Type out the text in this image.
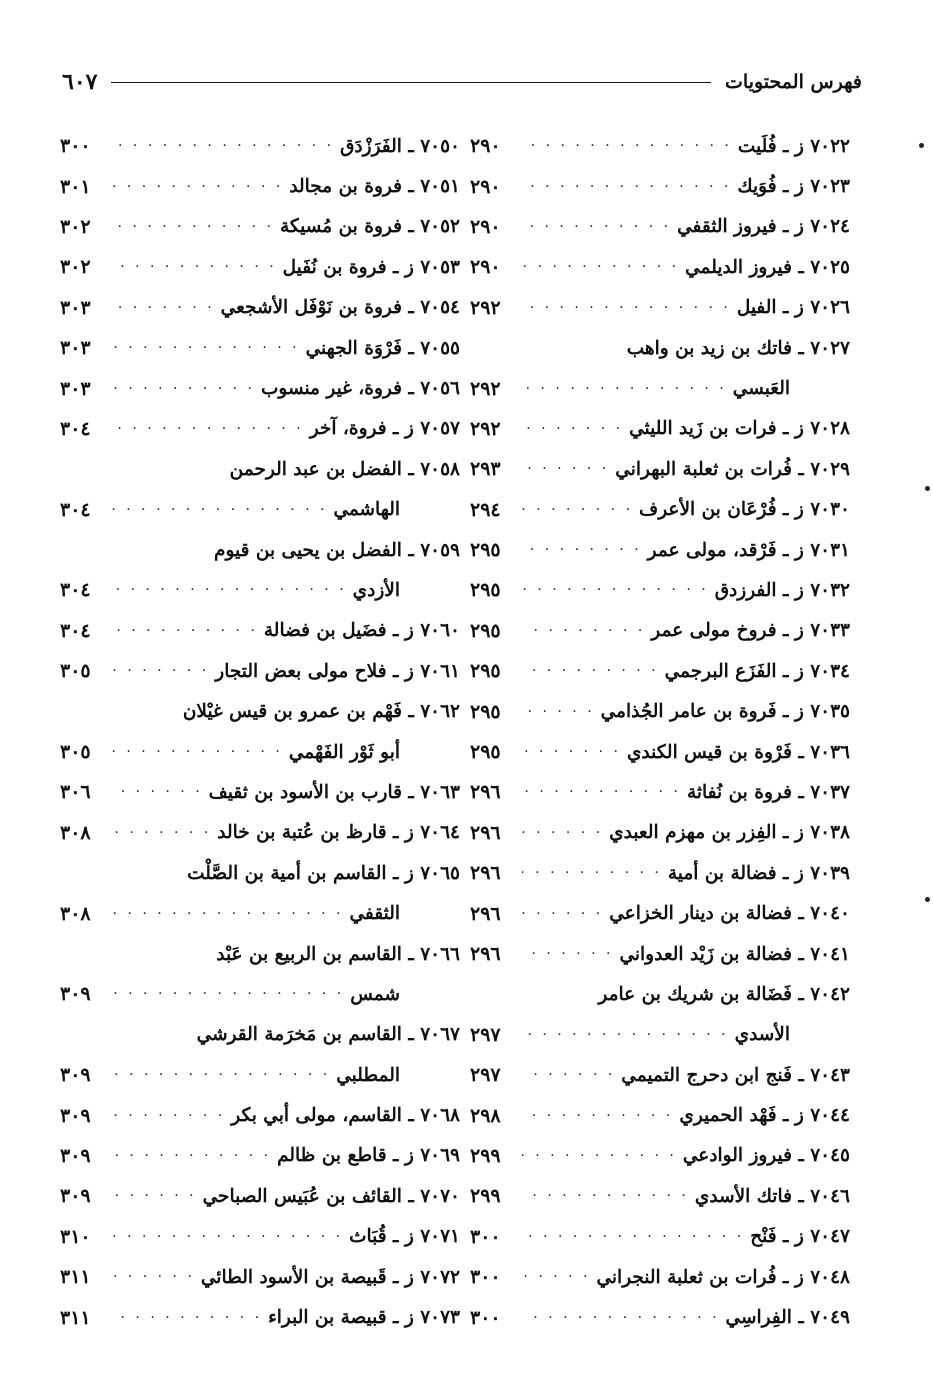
فهرس المحتويات
٦٠٧
٧٠٢٢ ز ـ فُلَيت
· · ·
٢٩٠
٧٠٢٣ ز ـ فُوَيك
· · ·
٢٩٠
٧٠٢٤ ز ـ فيروز الثقفي
· · ·
٢٩٠
٧٠٢٥ ـ فيروز الديلمي
· · ·
٢٩٠
٧٠٢٦ ز ـ الفيل
· · ·
٢٩٢
٧٠٢٧ ـ فاتك بن زيد بن واهب
العَبسي
· · ·
٢٩٢
٧٠٢٨ ز ـ فرات بن زَيد الليثي
· · ·
٢٩٢
٧٠٢٩ ـ فُرات بن ثعلبة البهراني
· · ·
٢٩٣
٧٠٣٠ ز ـ فُرْعَان بن الأعرف
· · ·
٢٩٤
٧٠٣١ ز ـ فَرْقد، مولى عمر
· · ·
٢٩٥
٧٠٣٢ ز ـ الفرزدق
· · ·
٢٩٥
٧٠٣٣ ز ـ فروخ مولى عمر
· · ·
٢٩٥
٧٠٣٤ ز ـ الفَزَع البرجمي
· · ·
٢٩٥
٧٠٣٥ ز ـ فَروة بن عامر الجُذامي
· · ·
٢٩٥
٧٠٣٦ ـ فَرْوة بن قيس الكندي
· · ·
٢٩٥
٧٠٣٧ ـ فروة بن نُفاثة
· · ·
٢٩٦
٧٠٣٨ ز ـ الفِزر بن مهزم العبدي
· · ·
٢٩٦
٧٠٣٩ ز ـ فضالة بن أمية
· · ·
٢٩٦
٧٠٤٠ ـ فضالة بن دينار الخزاعي
· · ·
٢٩٦
٧٠٤١ ـ فضالة بن زَيْد العدواني
· · ·
٢٩٦
٧٠٤٢ ـ فَضَالة بن شريك بن عامر
الأسدي
· · ·
٢٩٧
٧٠٤٣ ـ فَنج ابن دحرج التميمي
· · ·
٢٩٧
٧٠٤٤ ز ـ فَهْد الحميري
· · ·
٢٩٨
٧٠٤٥ ـ فيروز الوادعي
· · ·
٢٩٩
٧٠٤٦ ـ فاتك الأسدي
· · ·
٢٩٩
٧٠٤٧ ز ـ فَنْح
· · ·
٣٠٠
٧٠٤٨ ز ـ فُرات بن ثعلبة النجراني
· · ·
٣٠٠
٧٠٤٩ ـ الفِراسِي
· · ·
٣٠٠
٧٠٥٠ ـ الفَرَزْدَق
· · ·
٣٠٠
٧٠٥١ ـ فروة بن مجالد
· · ·
٣٠١
٧٠٥٢ ـ فروة بن مُسيكة
· · ·
٣٠٢
٧٠٥٣ ز ـ فروة بن نُفَيل
· · ·
٣٠٢
٧٠٥٤ ـ فروة بن نَوْفَل الأشجعي
· · ·
٣٠٣
٧٠٥٥ ـ فَرْوَة الجهني
· · ·
٣٠٣
٧٠٥٦ ـ فروة، غير منسوب
· · ·
٣٠٣
٧٠٥٧ ز ـ فروة، آخر
· · ·
٣٠٤
٧٠٥٨ ـ الفضل بن عبد الرحمن
الهاشمي
· · ·
٣٠٤
٧٠٥٩ ـ الفضل بن يحيى بن قيوم
الأزدي
· · ·
٣٠٤
٧٠٦٠ ز ـ فضَيل بن فضالة
· · ·
٣٠٤
٧٠٦١ ز ـ فلاح مولى بعض التجار
· · ·
٣٠٥
٧٠٦٢ ـ فَهْم بن عمرو بن قيس غيْلان
أبو ثَوْر الفَهْمي
· · ·
٣٠٥
٧٠٦٣ ـ قارب بن الأسود بن ثقيف
· · ·
٣٠٦
٧٠٦٤ ز ـ قارظ بن عُتبة بن خالد
· · ·
٣٠٨
٧٠٦٥ ز ـ القاسم بن أمية بن الصَّلْت
الثقفي
· · ·
٣٠٨
٧٠٦٦ ـ القاسم بن الربيع بن عَبْد
شمس
· · ·
٣٠٩
٧٠٦٧ ـ القاسم بن مَخرَمة القرشي
المطلبي
· · ·
٣٠٩
٧٠٦٨ ـ القاسم، مولى أبي بكر
· · ·
٣٠٩
٧٠٦٩ ز ـ قاطع بن ظالم
· · ·
٣٠٩
٧٠٧٠ ـ القائف بن عُبَيس الصباحي
· · ·
٣٠٩
٧٠٧١ ز ـ قُبَاث
· · ·
٣١٠
٧٠٧٢ ز ـ قَبيصة بن الأسود الطائي
· · ·
٣١١
٧٠٧٣ ز ـ قبيصة بن البراء
· · ·
٣١١
